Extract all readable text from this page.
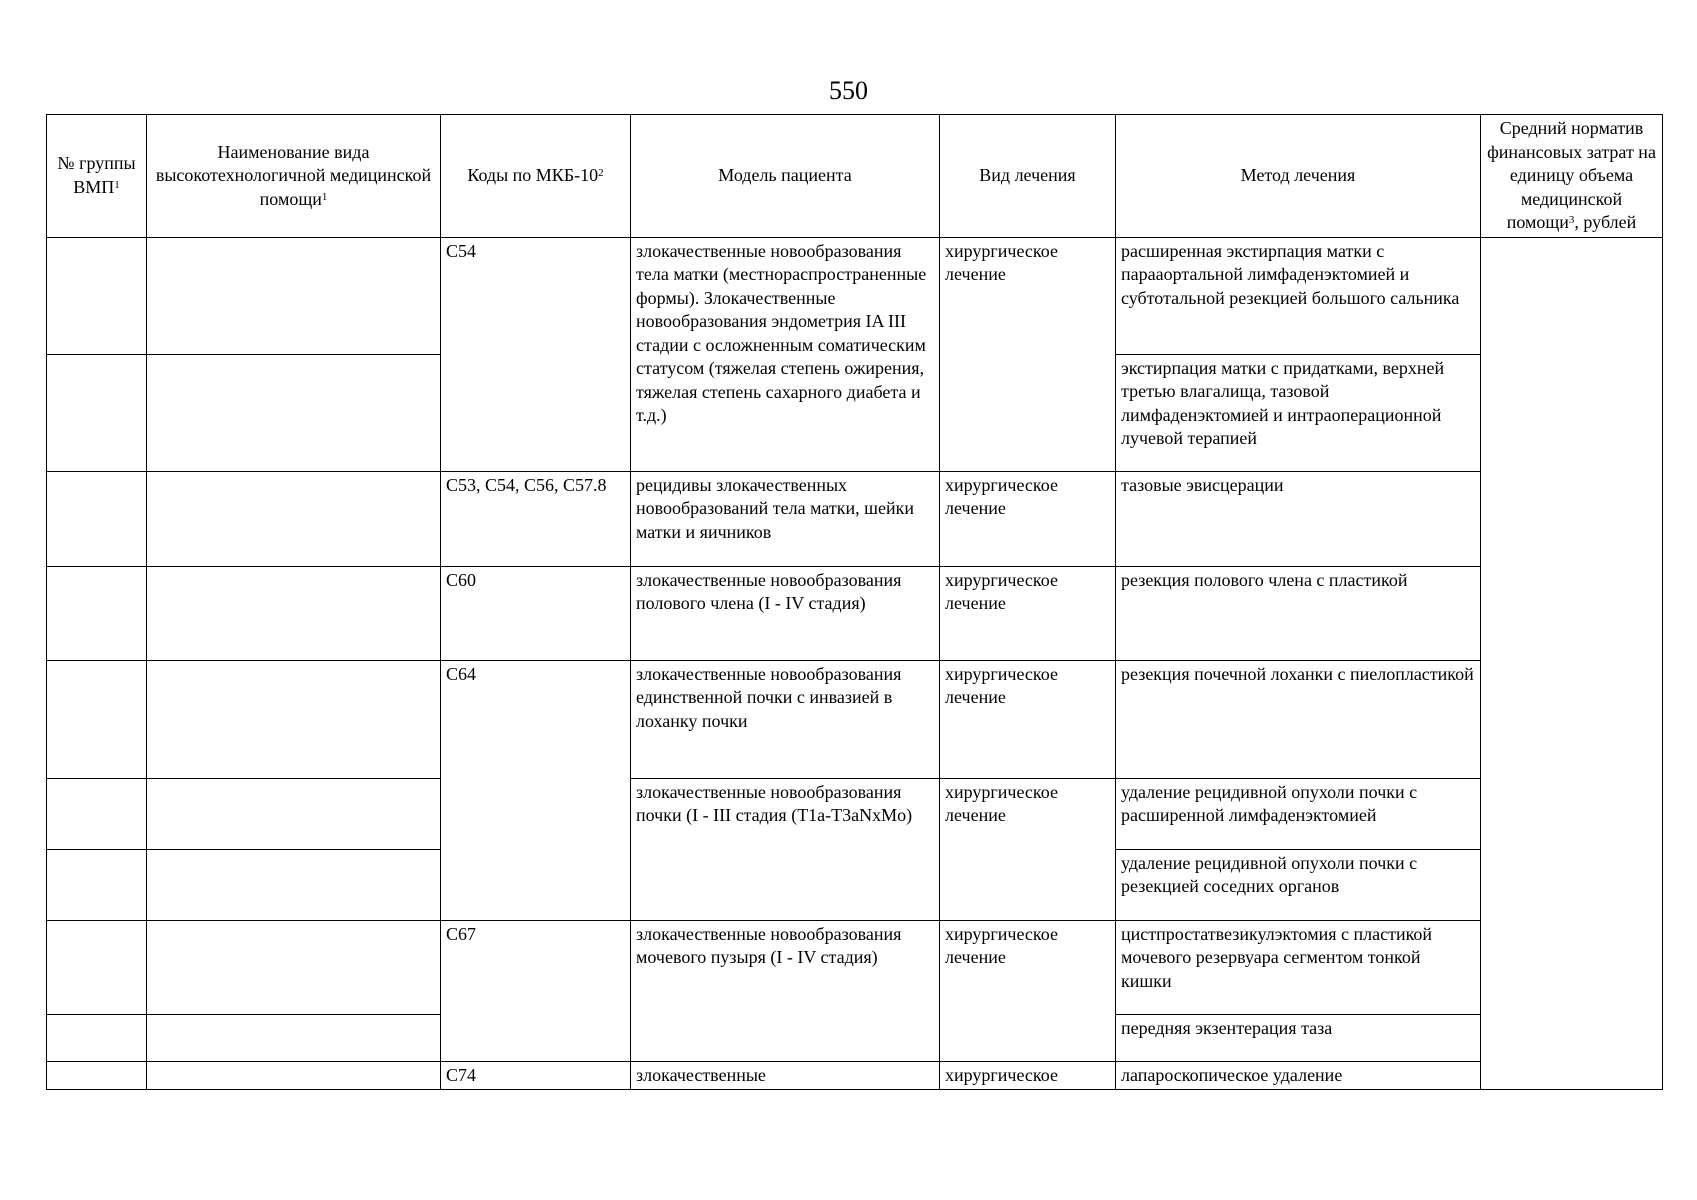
550
№ группы ВМП$^1$	Наименование вида высокотехнологичной медицинской помощи$^1$	Коды по МКБ-$10^2$	Модель пациента	Вид лечения	Метод лечения	Средний норматив финансовых затрат на единицу объема медицинской помощи$^3$, рублей
		C54	злокачественные новообразования тела матки (местнораспространенные формы). Злокачественные новообразования эндометрия IA III стадии с осложненным соматическим статусом (тяжелая степень ожирения, тяжелая степень сахарного диабета и т.д.)	хирургическое лечение	расширенная экстирпация матки с парааортальной лимфаденэктомией и субтотальной резекцией большого сальника	
					экстирпация матки с придатками, верхней третью влагалища, тазовой лимфаденэктомией и интраоперационной лучевой терапией	
		C53, C54, C56, C57.8	рецидивы злокачественных новообразований тела матки, шейки матки и яичников	хирургическое лечение	тазовые эвисцерации	
		C60	злокачественные новообразования полового члена (I - IV стадия)	хирургическое лечение	резекция полового члена с пластикой	
		C64	злокачественные новообразования единственной почки с инвазией в лоханку почки	хирургическое лечение	резекция почечной лоханки с пиелопластикой	
			злокачественные новообразования почки (I - III стадия (T1a-T3aNxMo)	хирургическое лечение	удаление рецидивной опухоли почки с расширенной лимфаденэктомией	
					удаление рецидивной опухоли почки с резекцией соседних органов	
		C67	злокачественные новообразования мочевого пузыря (I - IV стадия)	хирургическое лечение	цистпростатвезикулэктомия с пластикой мочевого резервуара сегментом тонкой кишки	
					передняя экзентерация таза	
		C74	злокачественные	хирургическое	лапароскопическое удаление	
